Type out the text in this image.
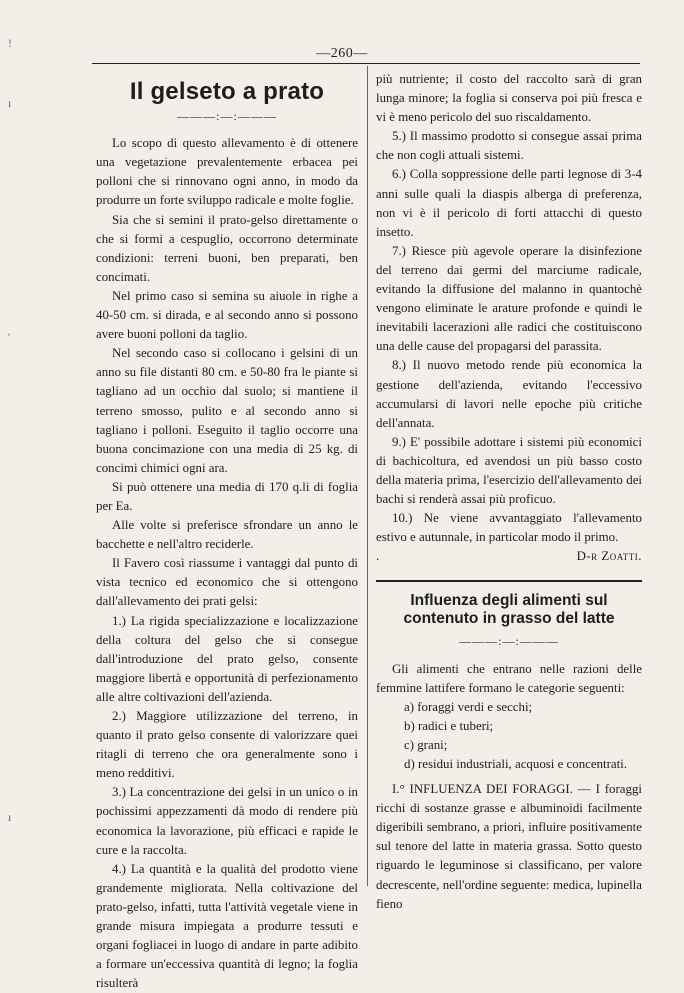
—260—
!
ı
'
ı
Il gelseto a prato
———:—:———

Lo scopo di questo allevamento è di ottenere una vegetazione prevalentemente erbacea pei polloni che si rinnovano ogni anno, in modo da produrre un forte sviluppo radicale e molte foglie.

Sia che si semini il prato-gelso direttamente o che si formi a cespuglio, occorrono determinate condizioni: terreni buoni, ben preparati, ben concimati.

Nel primo caso si semina su aiuole in righe a 40-50 cm. si dirada, e al secondo anno si possono avere buoni polloni da taglio.

Nel secondo caso si collocano i gelsini di un anno su file distanti 80 cm. e 50-80 fra le piante si tagliano ad un occhio dal suolo; si mantiene il terreno smosso, pulito e al secondo anno si tagliano i polloni. Eseguito il taglio occorre una buona concimazione con una media di 25 kg. di concimi chimici ogni ara.

Si può ottenere una media di 170 q.li di foglia per Ea.

Alle volte si preferisce sfrondare un anno le bacchette e nell'altro reciderle.

Il Favero così riassume i vantaggi dal punto di vista tecnico ed economico che si ottengono dall'allevamento dei prati gelsi:

1.) La rigida specializzazione e localizzazione della coltura del gelso che si consegue dall'introduzione del prato gelso, consente maggiore libertà e opportunità di perfezionamento alle altre coltivazioni dell'azienda.

2.) Maggiore utilizzazione del terreno, in quanto il prato gelso consente di valorizzare quei ritagli di terreno che ora generalmente sono i meno redditivi.

3.) La concentrazione dei gelsi in un unico o in pochissimi appezzamenti dà modo di rendere più economica la lavorazione, più efficaci e rapide le cure e la raccolta.

4.) La quantità e la qualità del prodotto viene grandemente migliorata. Nella coltivazione del prato-gelso, infatti, tutta l'attività vegetale viene in grande misura impiegata a produrre tessuti e organi fogliacei in luogo di andare in parte adibito a formare un'eccessiva quantità di legno; la foglia risulterà

più nutriente; il costo del raccolto sarà di gran lunga minore; la foglia si conserva poi più fresca e vi è meno pericolo del suo riscaldamento.

5.) Il massimo prodotto si consegue assai prima che non cogli attuali sistemi.

6.) Colla soppressione delle parti legnose di 3-4 anni sulle quali la diaspis alberga di preferenza, non vi è il pericolo di forti attacchi di questo insetto.

7.) Riesce più agevole operare la disinfezione del terreno dai germi del marciume radicale, evitando la diffusione del malanno in quantochè vengono eliminate le arature profonde e quindi le inevitabili lacerazioni alle radici che costituiscono una delle cause del propagarsi del parassita.

8.) Il nuovo metodo rende più economica la gestione dell'azienda, evitando l'eccessivo accumularsi di lavori nelle epoche più critiche dell'annata.

9.) E' possibile adottare i sistemi più economici di bachicoltura, ed avendosi un più basso costo della materia prima, l'esercizio dell'allevamento dei bachi si renderà assai più proficuo.

10.) Ne viene avvantaggiato l'allevamento estivo e autunnale, in particolar modo il primo.

.	D-r Zoatti.
Influenza degli alimenti sul contenuto in grasso del latte
———:—:———

Gli alimenti che entrano nelle razioni delle femmine lattifere formano le categorie seguenti:

a) foraggi verdi e secchi;
b) radici e tuberi;
c) grani;
d) residui industriali, acquosi e concentrati.

I.° INFLUENZA DEI FORAGGI. — I foraggi ricchi di sostanze grasse e albuminoidi facilmente digeribili sembrano, a priori, influire positivamente sul tenore del latte in materia grassa. Sotto questo riguardo le leguminose si classificano, per valore decrescente, nell'ordine seguente: medica, lupinella fieno
